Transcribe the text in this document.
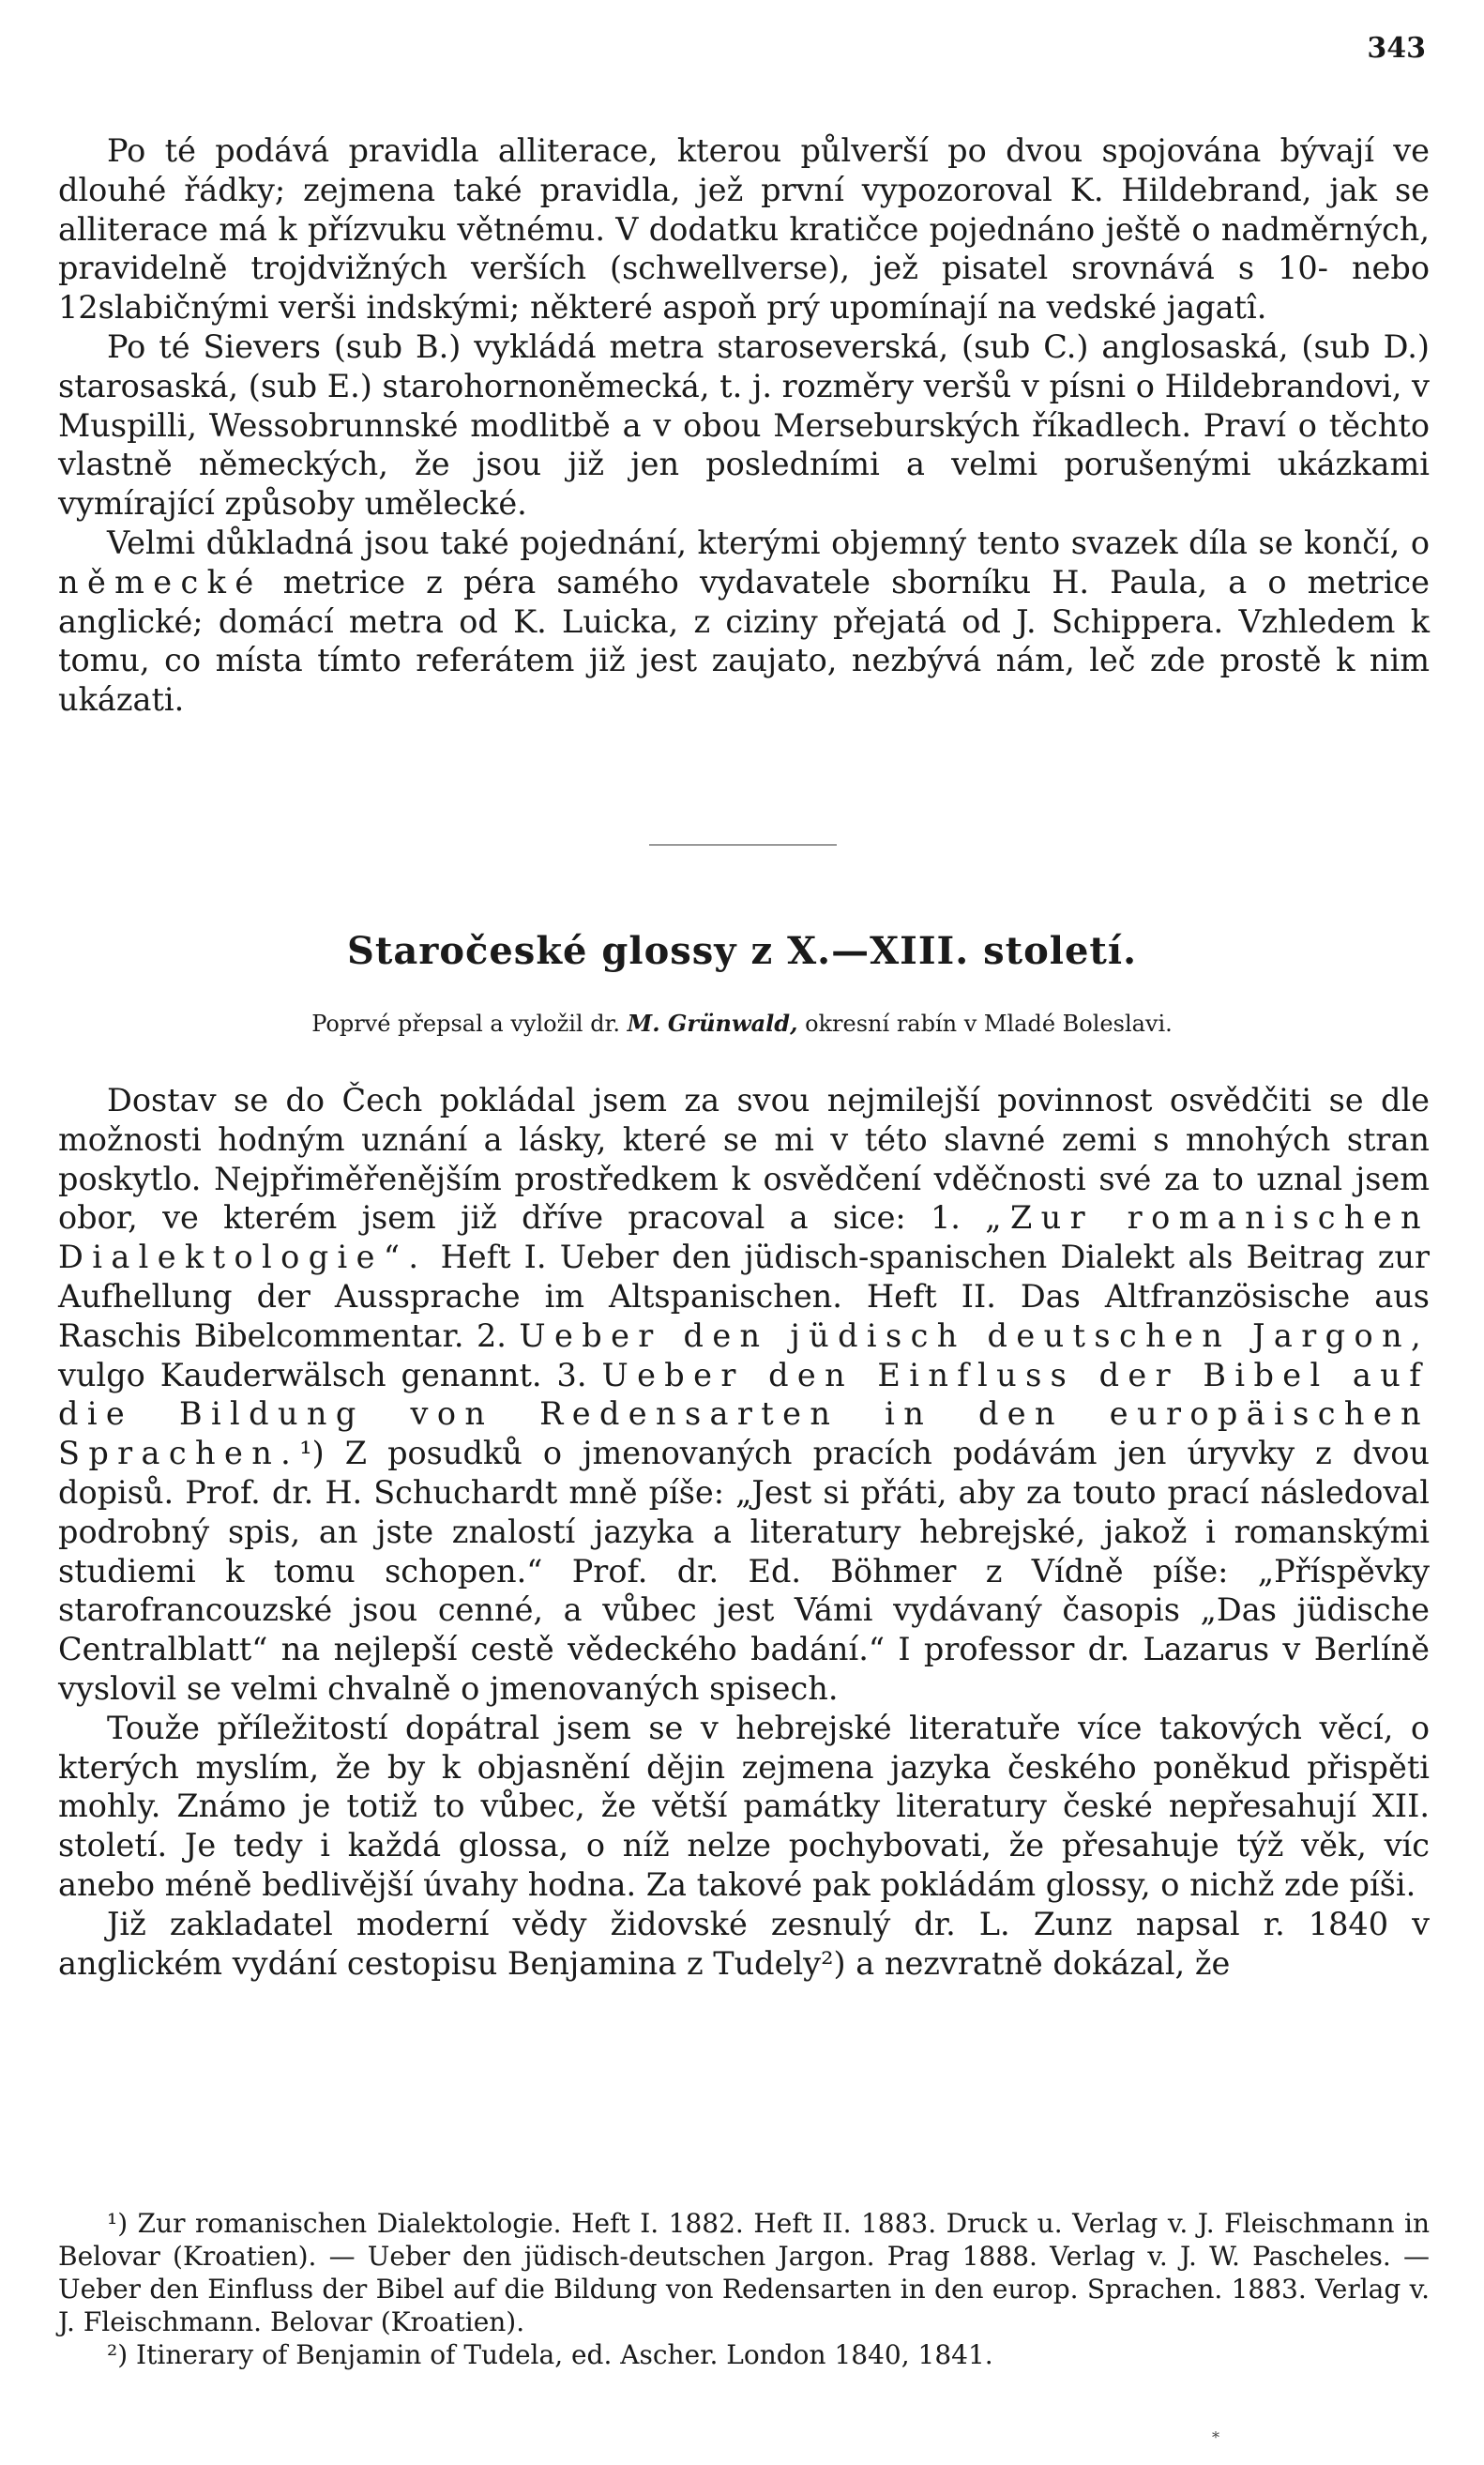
343

Po té podává pravidla alliterace, kterou půlverší po dvou spojována bývají ve dlouhé řádky; zejmena také pravidla, jež první vypozoroval K. Hildebrand, jak se alliterace má k přízvuku větnému. V dodatku kratičce pojednáno ještě o nadměrných, pravidelně trojdvižných verších (schwellverse), jež pisatel srovnává s 10- nebo 12slabičnými verši indskými; některé aspoň prý upomínají na vedské jagatî.

Po té Sievers (sub B.) vykládá metra staroseverská, (sub C.) anglosaská, (sub D.) starosaská, (sub E.) starohornoněmecká, t. j. rozměry veršů v písni o Hildebrandovi, v Muspilli, Wessobrunnské modlitbě a v obou Merseburských říkadlech. Praví o těchto vlastně německých, že jsou již jen posledními a velmi porušenými ukázkami vymírající způsoby umělecké.

Velmi důkladná jsou také pojednání, kterými objemný tento svazek díla se končí, o německé metrice z péra samého vydavatele sborníku H. Paula, a o metrice anglické; domácí metra od K. Luicka, z ciziny přejatá od J. Schippera. Vzhledem k tomu, co místa tímto referátem již jest zaujato, nezbývá nám, leč zde prostě k nim ukázati.

Staročeské glossy z X.—XIII. století.
Poprvé přepsal a vyložil dr. M. Grünwald, okresní rabín v Mladé Boleslavi.

Dostav se do Čech pokládal jsem za svou nejmilejší povinnost osvědčiti se dle možnosti hodným uznání a lásky, které se mi v této slavné zemi s mnohých stran poskytlo. Nejpřiměřenějším prostředkem k osvědčení vděčnosti své za to uznal jsem obor, ve kterém jsem již dříve pracoval a sice: 1. „Zur romanischen Dialektologie“. Heft I. Ueber den jüdisch-spanischen Dialekt als Beitrag zur Aufhellung der Aussprache im Altspanischen. Heft II. Das Altfranzösische aus Raschis Bibelcommentar. 2. Ueber den jüdisch deutschen Jargon, vulgo Kauderwälsch genannt. 3. Ueber den Einfluss der Bibel auf die Bildung von Redensarten in den europäischen Sprachen.¹) Z posudků o jmenovaných pracích podávám jen úryvky z dvou dopisů. Prof. dr. H. Schuchardt mně píše: „Jest si přáti, aby za touto prací následoval podrobný spis, an jste znalostí jazyka a literatury hebrejské, jakož i romanskými studiemi k tomu schopen.“ Prof. dr. Ed. Böhmer z Vídně píše: „Příspěvky starofrancouzské jsou cenné, a vůbec jest Vámi vydávaný časopis „Das jüdische Centralblatt“ na nejlepší cestě vědeckého badání.“ I professor dr. Lazarus v Berlíně vyslovil se velmi chvalně o jmenovaných spisech.

Touže příležitostí dopátral jsem se v hebrejské literatuře více takových věcí, o kterých myslím, že by k objasnění dějin zejmena jazyka českého poněkud přispěti mohly. Známo je totiž to vůbec, že větší památky literatury české nepřesahují XII. století. Je tedy i každá glossa, o níž nelze pochybovati, že přesahuje týž věk, víc anebo méně bedlivější úvahy hodna. Za takové pak pokládám glossy, o nichž zde píši.

Již zakladatel moderní vědy židovské zesnulý dr. L. Zunz napsal r. 1840 v anglickém vydání cestopisu Benjamina z Tudely²) a nezvratně dokázal, že

¹) Zur romanischen Dialektologie. Heft I. 1882. Heft II. 1883. Druck u. Verlag v. J. Fleischmann in Belovar (Kroatien). — Ueber den jüdisch-deutschen Jargon. Prag 1888. Verlag v. J. W. Pascheles. —Ueber den Einfluss der Bibel auf die Bildung von Redensarten in den europ. Sprachen. 1883. Verlag v. J. Fleischmann. Belovar (Kroatien).

²) Itinerary of Benjamin of Tudela, ed. Ascher. London 1840, 1841.

*
